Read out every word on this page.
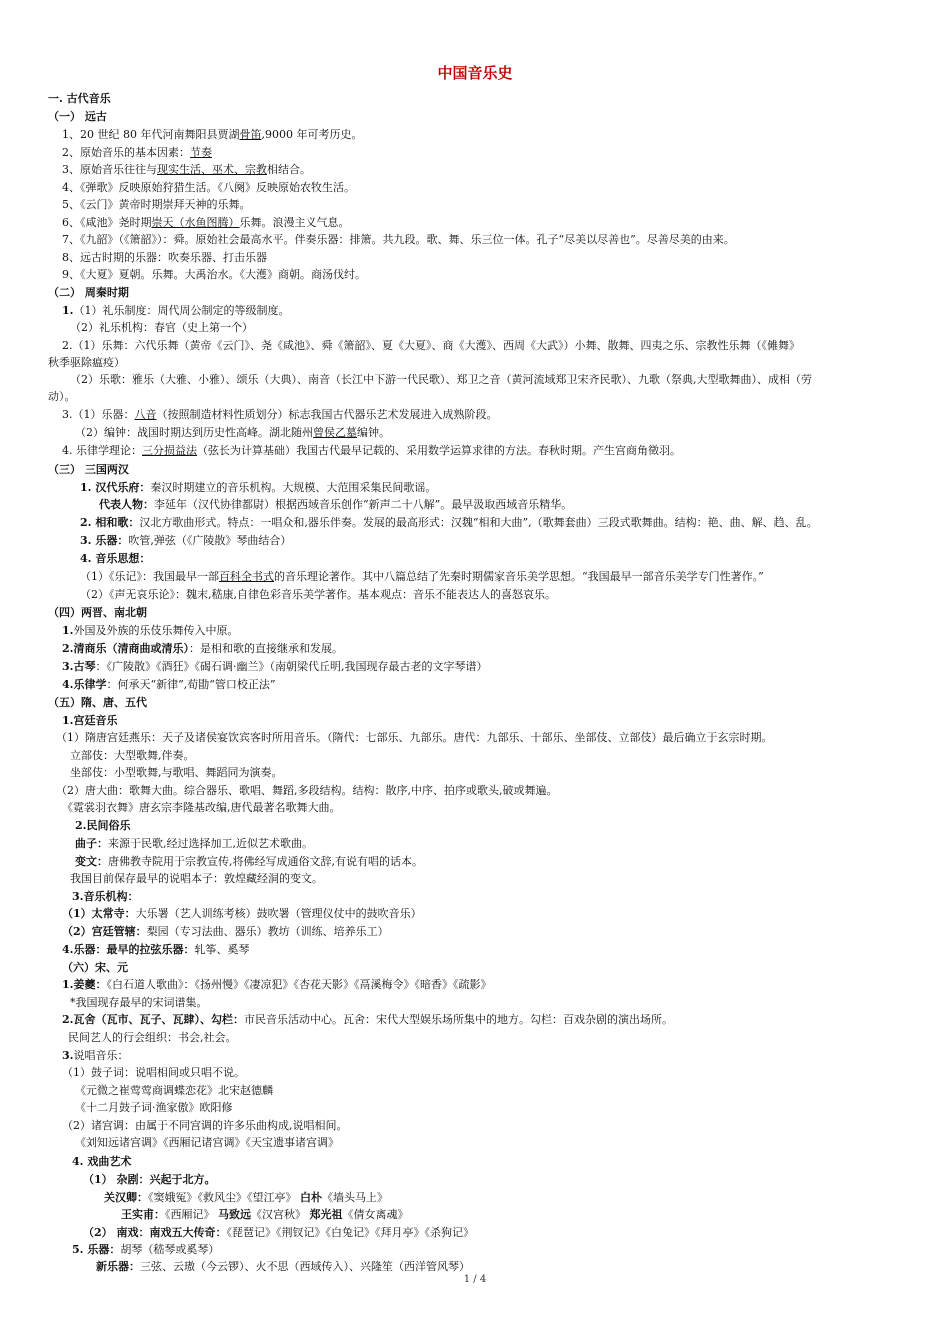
中国音乐史
一. 古代音乐
（一） 远古
1、20 世纪 80 年代河南舞阳县贾湖骨笛,9000 年可考历史。
2、原始音乐的基本因素：节奏
3、原始音乐往往与现实生活、巫术、宗教相结合。
4、《弹歌》反映原始狩猎生活。《八阕》反映原始农牧生活。
5、《云门》黄帝时期崇拜天神的乐舞。
6、《咸池》尧时期崇天（水鱼图腾）乐舞。浪漫主义气息。
7、《九韶》（《箫韶》）：舜。原始社会最高水平。伴奏乐器：排箫。共九段。歌、舞、乐三位一体。孔子“尽美以尽善也”。尽善尽美的由来。
8、远古时期的乐器：吹奏乐器、打击乐器
9、《大夏》夏朝。乐舞。大禹治水。《大濩》商朝。商汤伐纣。
（二） 周秦时期
1.（1）礼乐制度：周代周公制定的等级制度。
（2）礼乐机构：春官（史上第一个）
2.（1）乐舞：六代乐舞（黄帝《云门》、尧《咸池》、舜《箫韶》、夏《大夏》、商《大濩》、西周《大武》）小舞、散舞、四夷之乐、宗教性乐舞（《傩舞》
秋季驱除瘟疫）
（2）乐歌：雅乐（大雅、小雅）、颂乐（大典）、南音（长江中下游一代民歌）、郑卫之音（黄河流域郑卫宋齐民歌）、九歌（祭典,大型歌舞曲）、成相（劳
动）。
3.（1）乐器：八音（按照制造材料性质划分）标志我国古代器乐艺术发展进入成熟阶段。
（2）编钟：战国时期达到历史性高峰。湖北随州曾侯乙墓编钟。
4. 乐律学理论：三分损益法（弦长为计算基础）我国古代最早记载的、采用数学运算求律的方法。春秋时期。产生宫商角徵羽。
（三） 三国两汉
1. 汉代乐府：秦汉时期建立的音乐机构。大规模、大范围采集民间歌谣。
代表人物：李延年（汉代协律都尉）根据西域音乐创作“新声二十八解”。最早汲取西域音乐精华。
2. 相和歌：汉北方歌曲形式。特点：一唱众和,器乐伴奏。发展的最高形式：汉魏“相和大曲”,（歌舞套曲）三段式歌舞曲。结构：艳、曲、解、趋、乱。
3. 乐器：吹管,弹弦（《广陵散》琴曲结合）
4. 音乐思想：
（1）《乐记》：我国最早一部百科全书式的音乐理论著作。其中八篇总结了先秦时期儒家音乐美学思想。“我国最早一部音乐美学专门性著作。”
（2）《声无哀乐论》：魏末,嵇康,自律色彩音乐美学著作。基本观点：音乐不能表达人的喜怒哀乐。
（四）两晋、南北朝
1.外国及外族的乐伎乐舞传入中原。
2.清商乐（清商曲或清乐）：是相和歌的直接继承和发展。
3.古琴：《广陵散》《酒狂》《碣石调·幽兰》（南朝梁代丘明,我国现存最古老的文字琴谱）
4.乐律学：何承天“新律”,荀勖“管口校正法”
（五）隋、唐、五代
1.宫廷音乐
（1）隋唐宫廷燕乐：天子及诸侯宴饮宾客时所用音乐。（隋代：七部乐、九部乐。唐代：九部乐、十部乐、坐部伎、立部伎）最后确立于玄宗时期。
立部伎：大型歌舞,伴奏。
坐部伎：小型歌舞,与歌唱、舞蹈同为演奏。
（2）唐大曲：歌舞大曲。综合器乐、歌唱、舞蹈,多段结构。结构：散序,中序、拍序或歌头,破或舞遍。
《霓裳羽衣舞》唐玄宗李隆基改编,唐代最著名歌舞大曲。
2.民间俗乐
曲子：来源于民歌,经过选择加工,近似艺术歌曲。
变文：唐佛教寺院用于宗教宣传,将佛经写成通俗文辞,有说有唱的话本。
我国目前保存最早的说唱本子：敦煌藏经洞的变文。
3.音乐机构：
（1）太常寺：大乐署（艺人训练考核）鼓吹署（管理仪仗中的鼓吹音乐）
（2）宫廷管辖：梨园（专习法曲、器乐）教坊（训练、培养乐工）
4.乐器：最早的拉弦乐器：轧筝、奚琴
（六）宋、元
1.姜夔：《白石道人歌曲》：《扬州慢》《凄凉犯》《杏花天影》《鬲溪梅令》《暗香》《疏影》
*我国现存最早的宋词谱集。
2.瓦舍（瓦市、瓦子、瓦肆）、勾栏：市民音乐活动中心。瓦舍：宋代大型娱乐场所集中的地方。勾栏：百戏杂剧的演出场所。
民间艺人的行会组织：书会,社会。
3.说唱音乐：
（1）鼓子词：说唱相间或只唱不说。
《元微之崔莺莺商调蝶恋花》北宋赵德麟
《十二月鼓子词·渔家傲》欧阳修
（2）诸宫调：由属于不同宫调的许多乐曲构成,说唱相间。
《刘知远诸宫调》《西厢记诸宫调》《天宝遗事诸宫调》
4. 戏曲艺术
（1） 杂剧：兴起于北方。
关汉卿：《窦娥冤》《救风尘》《望江亭》 白朴《墙头马上》
王实甫：《西厢记》 马致远《汉宫秋》 郑光祖《倩女离魂》
（2） 南戏：南戏五大传奇：《琵琶记》《荆钗记》《白兔记》《拜月亭》《杀狗记》
5. 乐器：胡琴（嵇琴或奚琴）
新乐器：三弦、云璈（今云锣）、火不思（西域传入）、兴隆笙（西洋管风琴）
1 / 4
